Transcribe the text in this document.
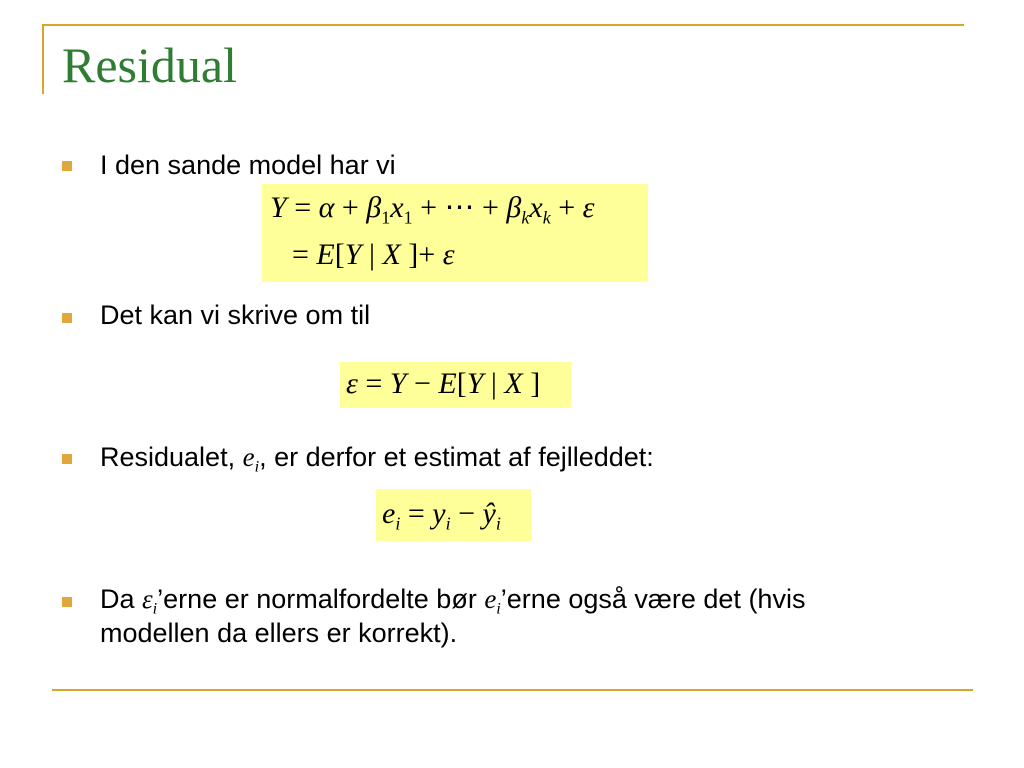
Residual
I den sande model har vi
$Y = \alpha + \beta_1x_1$ + ⋯ + $\beta_kx_k + \varepsilon$
= E[Y | X ]+ ε
Det kan vi skrive om til
ε = Y − E[Y | X ]
Residualet, $e_i$, er derfor et estimat af fejlleddet:
$e_i = y_i$ − $ŷ_i$
Da $\varepsilon_i’erne$ er normalfordelte bør $e_i’erne$ også være det (hvis
modellen da ellers er korrekt).
